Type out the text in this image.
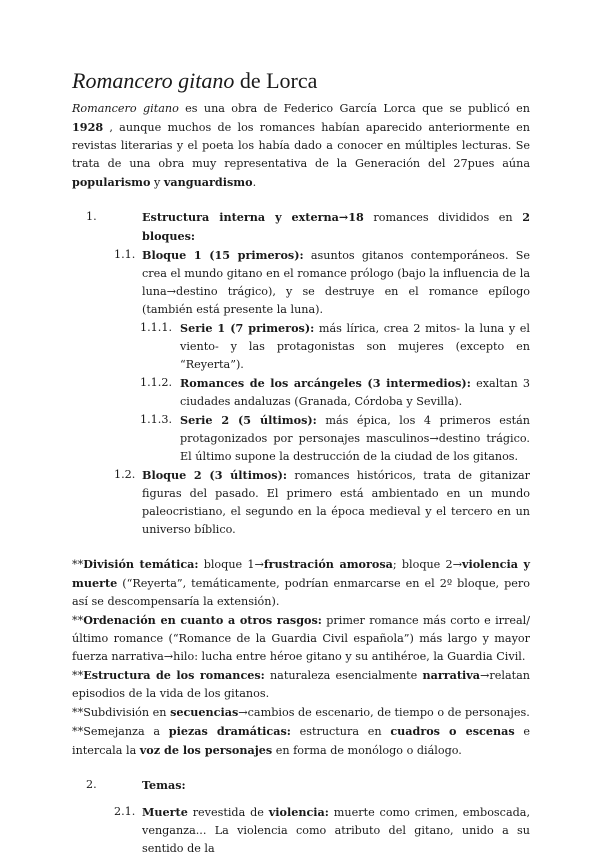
Romancero gitano de Lorca

Romancero gitano es una obra de Federico García Lorca que se publicó en 1928 , aunque muchos de los romances habían aparecido anteriormente en revistas literarias y el poeta los había dado a conocer en múltiples lecturas. Se trata de una obra muy representativa de la Generación del 27pues aúna popularismo y vanguardismo.

1.	Estructura interna y externa→18 romances divididos en 2 bloques:

1.1. Bloque 1 (15 primeros): asuntos gitanos contemporáneos. Se crea el mundo gitano en el romance prólogo (bajo la influencia de la luna→destino trágico), y se destruye en el romance epílogo (también está presente la luna).

1.1.1. Serie 1 (7 primeros): más lírica, crea 2 mitos- la luna y el viento- y las protagonistas son mujeres (excepto en “Reyerta”).

1.1.2. Romances de los arcángeles (3 intermedios): exaltan 3 ciudades andaluzas (Granada, Córdoba y Sevilla).

1.1.3. Serie 2 (5 últimos): más épica, los 4 primeros están protagonizados por personajes masculinos→destino trágico. El último supone la destrucción de la ciudad de los gitanos.

1.2. Bloque 2 (3 últimos): romances históricos, trata de gitanizar figuras del pasado. El primero está ambientado en un mundo paleocristiano, el segundo en la época medieval y el tercero en un universo bíblico.

**División temática: bloque 1→frustración amorosa; bloque 2→violencia y muerte (“Reyerta”, temáticamente, podrían enmarcarse en el 2º bloque, pero así se descompensaría la extensión).

**Ordenación en cuanto a otros rasgos: primer romance más corto e irreal/ último romance (“Romance de la Guardia Civil española”) más largo y mayor fuerza narrativa→hilo: lucha entre héroe gitano y su antihéroe, la Guardia Civil.

**Estructura de los romances: naturaleza esencialmente narrativa→relatan episodios de la vida de los gitanos.

**Subdivisión en secuencias→cambios de escenario, de tiempo o de personajes.

**Semejanza a piezas dramáticas: estructura en cuadros o escenas e intercala la voz de los personajes en forma de monólogo o diálogo.

2.	Temas:

2.1. Muerte revestida de violencia: muerte como crimen, emboscada, venganza... La violencia como atributo del gitano, unido a su sentido de la
